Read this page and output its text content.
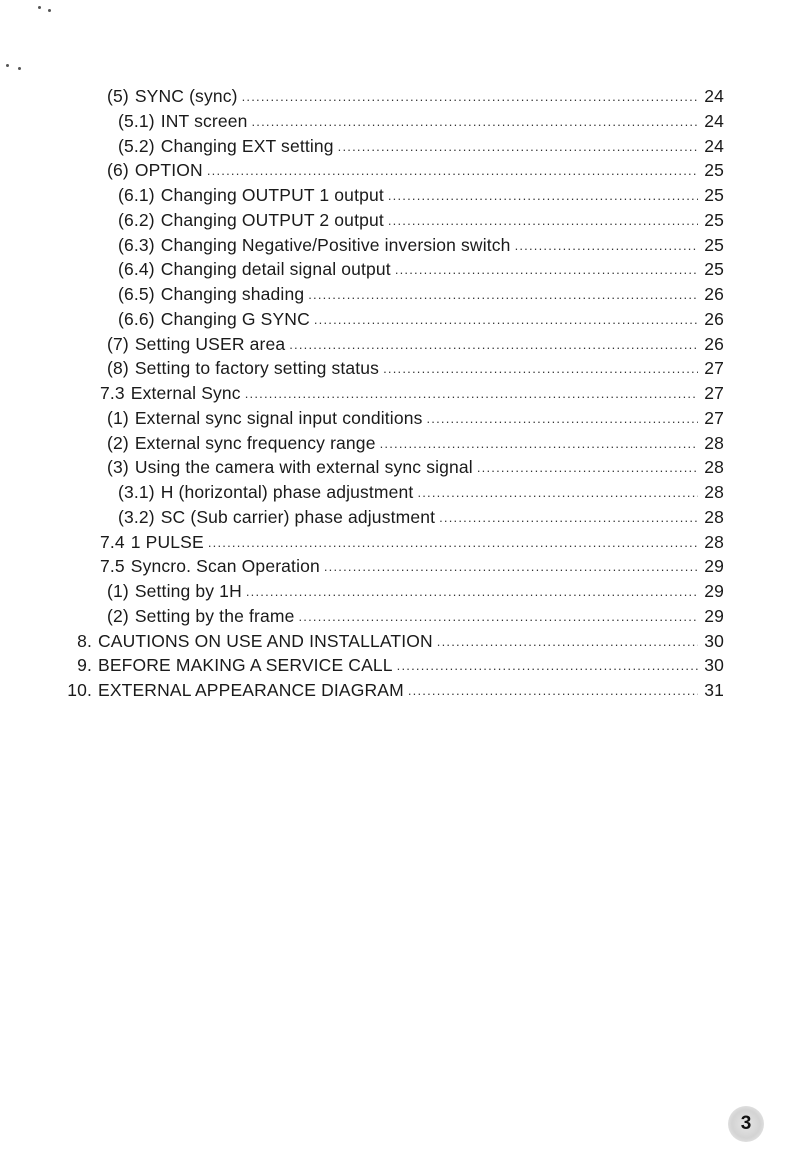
(5) SYNC (sync) .....	24
(5.1) INT screen .....	24
(5.2) Changing EXT setting .....	24
(6) OPTION .....	25
(6.1) Changing OUTPUT 1 output .....	25
(6.2) Changing OUTPUT 2 output .....	25
(6.3) Changing Negative/Positive inversion switch .....	25
(6.4) Changing detail signal output .....	25
(6.5) Changing shading .....	26
(6.6) Changing G SYNC .....	26
(7) Setting USER area .....	26
(8) Setting to factory setting status .....	27
7.3 External Sync .....	27
(1) External sync signal input conditions .....	27
(2) External sync frequency range .....	28
(3) Using the camera with external sync signal .....	28
(3.1) H (horizontal) phase adjustment .....	28
(3.2) SC (Sub carrier) phase adjustment .....	28
7.4 1 PULSE .....	28
7.5 Syncro. Scan Operation .....	29
(1) Setting by 1H .....	29
(2) Setting by the frame .....	29
8. CAUTIONS ON USE AND INSTALLATION .....	30
9. BEFORE MAKING A SERVICE CALL .....	30
10. EXTERNAL APPEARANCE DIAGRAM .....	31
3
